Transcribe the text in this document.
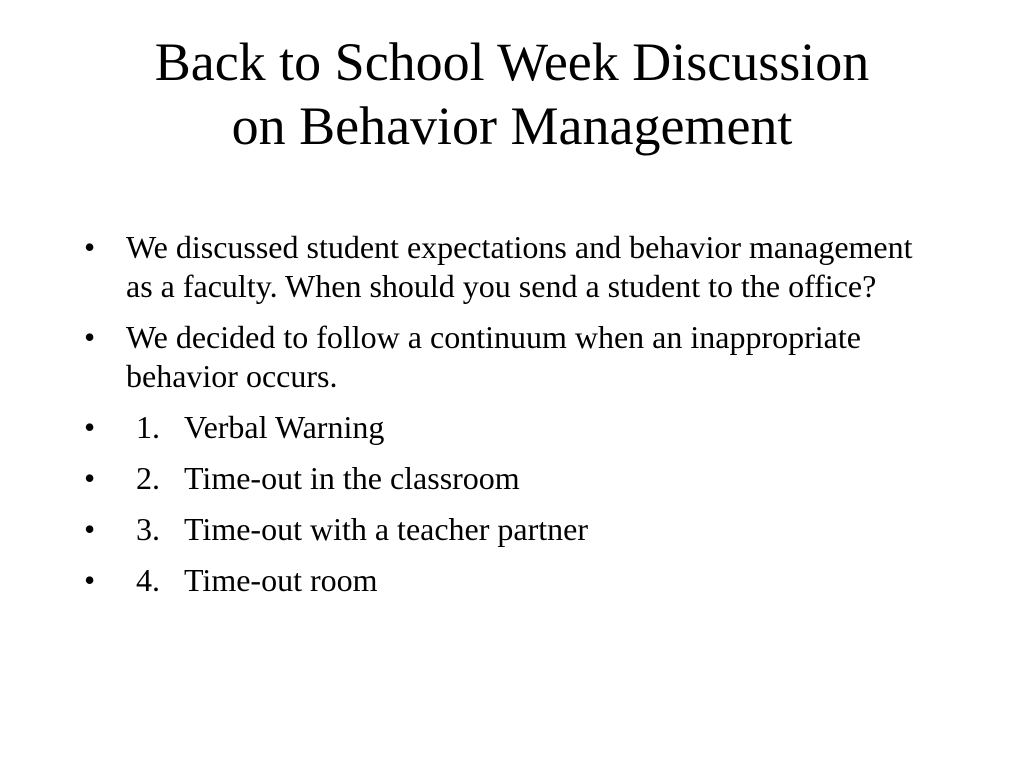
Back to School Week Discussion
on Behavior Management
• We discussed student expectations and behavior management as a faculty. When should you send a student to the office?
• We decided to follow a continuum when an inappropriate behavior occurs.
•	1. Verbal Warning
•	2. Time-out in the classroom
•	3. Time-out with a teacher partner
•	4. Time-out room
